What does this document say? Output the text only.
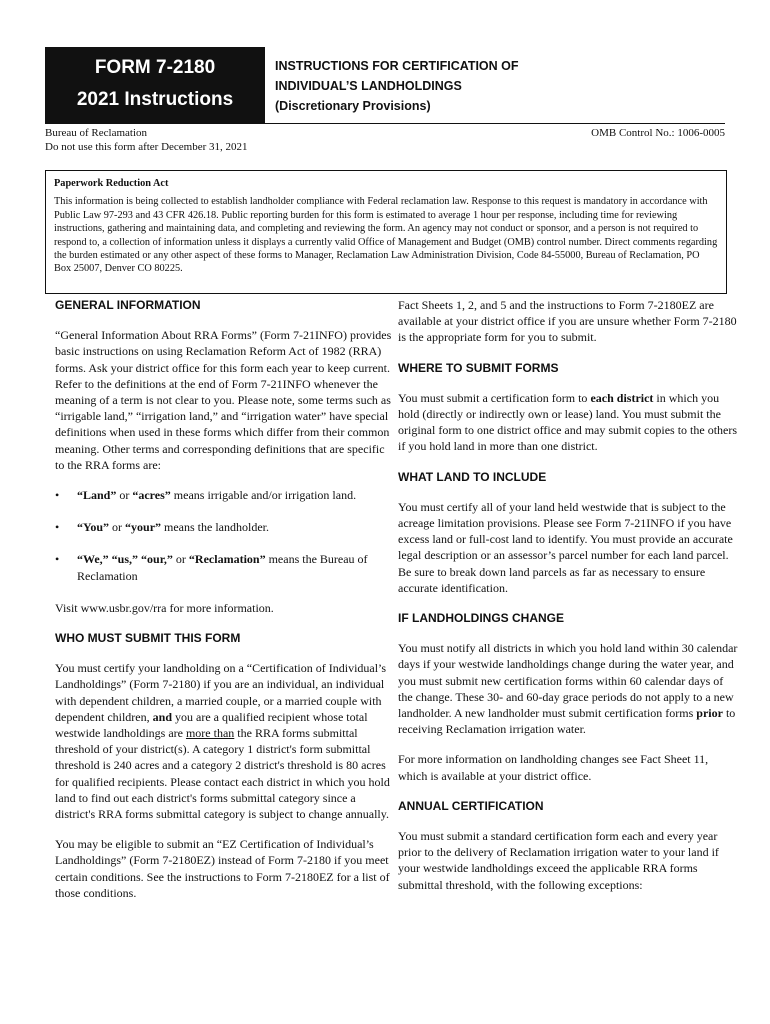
FORM 7-2180
2021 Instructions
INSTRUCTIONS FOR CERTIFICATION OF
INDIVIDUAL’S LANDHOLDINGS
(Discretionary Provisions)
Bureau of Reclamation
Do not use this form after December 31, 2021
OMB Control No.: 1006-0005
Paperwork Reduction Act
This information is being collected to establish landholder compliance with Federal reclamation law. Response to this request is mandatory in accordance with Public Law 97-293 and 43 CFR 426.18. Public reporting burden for this form is estimated to average 1 hour per response, including time for reviewing instructions, gathering and maintaining data, and completing and reviewing the form. An agency may not conduct or sponsor, and a person is not required to respond to, a collection of information unless it displays a currently valid Office of Management and Budget (OMB) control number. Direct comments regarding the burden estimated or any other aspect of these forms to Manager, Reclamation Law Administration Division, Code 84-55000, Bureau of Reclamation, PO Box 25007, Denver CO 80225.
GENERAL INFORMATION

“General Information About RRA Forms” (Form 7-21INFO) provides basic instructions on using Reclamation Reform Act of 1982 (RRA) forms. Ask your district office for this form each year to keep current. Refer to the definitions at the end of Form 7-21INFO whenever the meaning of a term is not clear to you. Please note, some terms such as “irrigable land,” “irrigation land,” and “irrigation water” have special definitions when used in these forms which differ from their common meaning. Other terms and corresponding definitions that are specific to the RRA forms are:

• “Land” or “acres” means irrigable and/or irrigation land.
• “You” or “your” means the landholder.
• “We,” “us,” “our,” or “Reclamation” means the Bureau of Reclamation

Visit www.usbr.gov/rra for more information.

WHO MUST SUBMIT THIS FORM

You must certify your landholding on a “Certification of Individual’s Landholdings” (Form 7-2180) if you are an individual, an individual with dependent children, a married couple, or a married couple with dependent children, and you are a qualified recipient whose total westwide landholdings are more than the RRA forms submittal threshold of your district(s). A category 1 district's form submittal threshold is 240 acres and a category 2 district's threshold is 80 acres for qualified recipients. Please contact each district in which you hold land to find out each district's forms submittal category since a district's RRA forms submittal category is subject to change annually.

You may be eligible to submit an “EZ Certification of Individual’s Landholdings” (Form 7-2180EZ) instead of Form 7-2180 if you meet certain conditions. See the instructions to Form 7-2180EZ for a list of those conditions.

Fact Sheets 1, 2, and 5 and the instructions to Form 7-2180EZ are available at your district office if you are unsure whether Form 7-2180 is the appropriate form for you to submit.

WHERE TO SUBMIT FORMS

You must submit a certification form to each district in which you hold (directly or indirectly own or lease) land. You must submit the original form to one district office and may submit copies to the others if you hold land in more than one district.

WHAT LAND TO INCLUDE

You must certify all of your land held westwide that is subject to the acreage limitation provisions. Please see Form 7-21INFO if you have excess land or full-cost land to identify. You must provide an accurate legal description or an assessor’s parcel number for each land parcel. Be sure to break down land parcels as far as necessary to ensure accurate identification.

IF LANDHOLDINGS CHANGE

You must notify all districts in which you hold land within 30 calendar days if your westwide landholdings change during the water year, and you must submit new certification forms within 60 calendar days of the change. These 30- and 60-day grace periods do not apply to a new landholder. A new landholder must submit certification forms prior to receiving Reclamation irrigation water.

For more information on landholding changes see Fact Sheet 11, which is available at your district office.

ANNUAL CERTIFICATION

You must submit a standard certification form each and every year prior to the delivery of Reclamation irrigation water to your land if your westwide landholdings exceed the applicable RRA forms submittal threshold, with the following exceptions:
